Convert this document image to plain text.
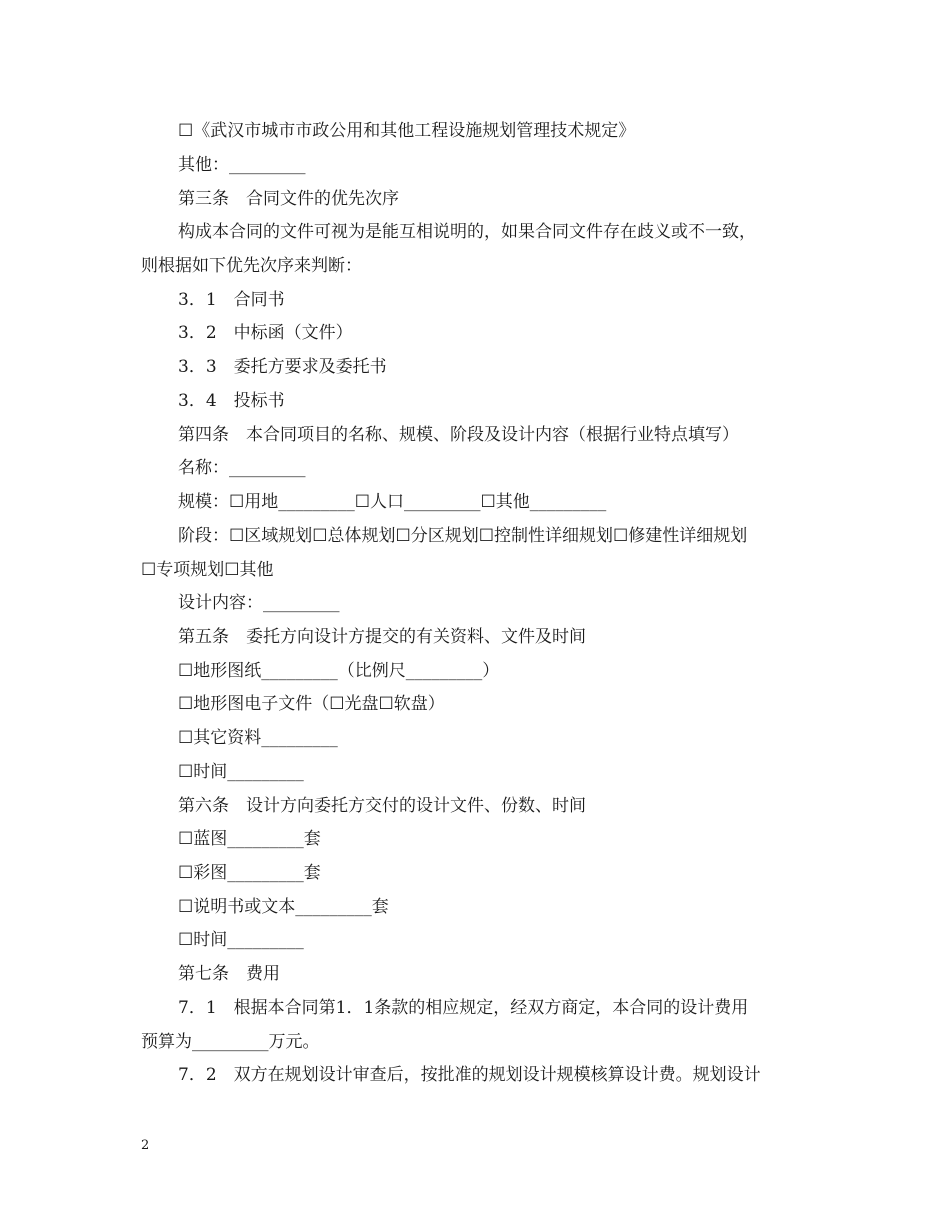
☐《武汉市城市市政公用和其他工程设施规划管理技术规定》
其他：_________
第三条　合同文件的优先次序
构成本合同的文件可视为是能互相说明的，如果合同文件存在歧义或不一致，
则根据如下优先次序来判断：
3．1　合同书
3．2　中标函（文件）
3．3　委托方要求及委托书
3．4　投标书
第四条　本合同项目的名称、规模、阶段及设计内容（根据行业特点填写）
名称：_________
规模：☐用地_________☐人口_________☐其他_________
阶段：☐区域规划☐总体规划☐分区规划☐控制性详细规划☐修建性详细规划
☐专项规划☐其他
设计内容：_________
第五条　委托方向设计方提交的有关资料、文件及时间
☐地形图纸_________（比例尺_________）
☐地形图电子文件（☐光盘☐软盘）
☐其它资料_________
☐时间_________
第六条　设计方向委托方交付的设计文件、份数、时间
☐蓝图_________套
☐彩图_________套
☐说明书或文本_________套
☐时间_________
第七条　费用
7．1　根据本合同第1．1条款的相应规定，经双方商定，本合同的设计费用
预算为_________万元。
7．2　双方在规划设计审查后，按批准的规划设计规模核算设计费。规划设计
2
